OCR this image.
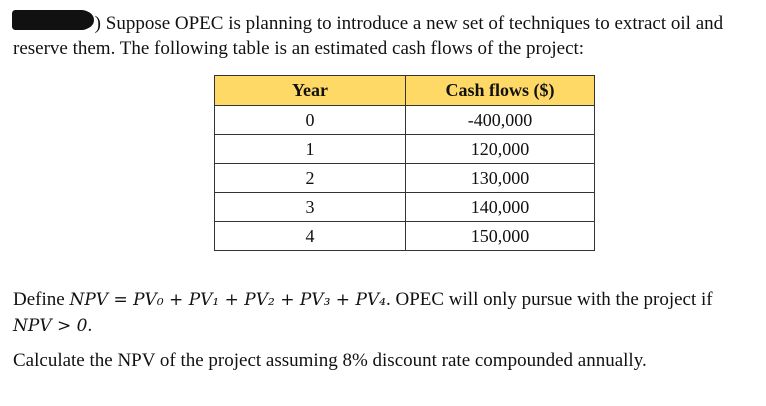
) Suppose OPEC is planning to introduce a new set of techniques to extract oil and reserve them. The following table is an estimated cash flows of the project:
Year	Cash flows ($)
0	-400,000
1	120,000
2	130,000
3	140,000
4	150,000
Define NPV = PV₀ + PV₁ + PV₂ + PV₃ + PV₄. OPEC will only pursue with the project if
NPV > 0.
Calculate the NPV of the project assuming 8% discount rate compounded annually.
